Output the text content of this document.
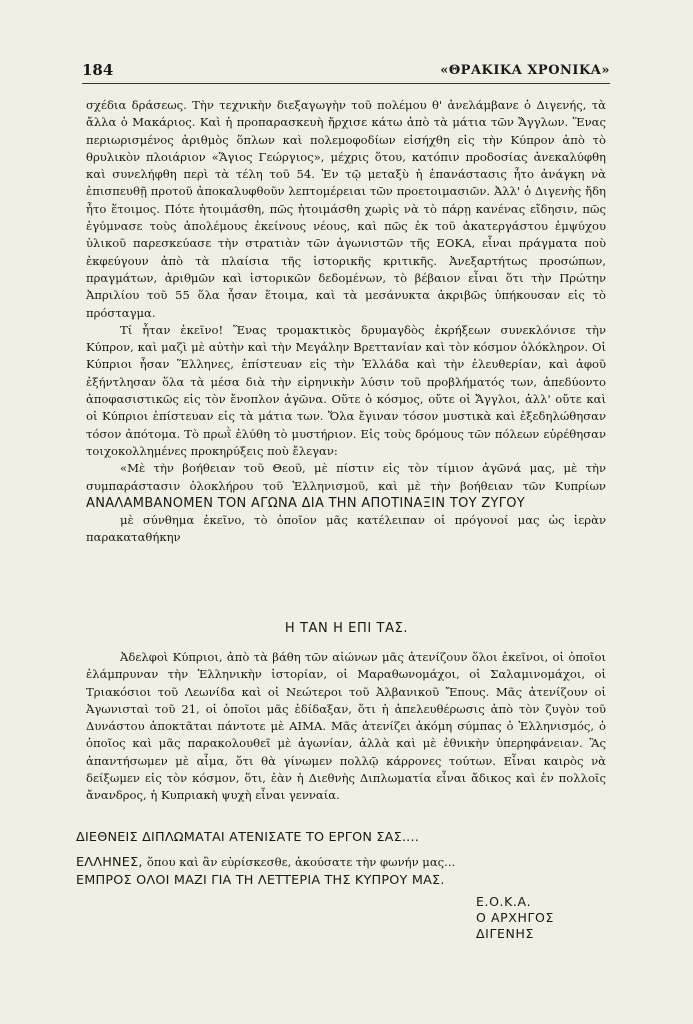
184	«ΘΡΑΚΙΚΑ ΧΡΟΝΙΚΑ»

σχέδια δράσεως. Τὴν τεχνικὴν διεξαγωγὴν τοῦ πολέμου θ' ἀνελάμβανε ὁ Διγενής, τὰ ἄλλα ὁ Μακάριος. Καὶ ἡ προπαρασκευὴ ἤρχισε κάτω ἀπὸ τὰ μάτια τῶν Ἄγγλων. Ἕνας περιωρισμένος ἀριθμὸς ὅπλων καὶ πολεμοφοδίων εἰσήχθη εἰς τὴν Κύπρον ἀπὸ τὸ θρυλικὸν πλοιάριον «Ἅγιος Γεώργιος», μέχρις ὅτου, κατόπιν προδοσίας ἀνεκαλύφθη καὶ συνελήφθη περὶ τὰ τέλη τοῦ 54. Ἐν τῷ μεταξὺ ἡ ἐπανάστασις ἦτο ἀνάγκη νὰ ἐπισπευθῇ προτοῦ ἀποκαλυφθοῦν λεπτομέρειαι τῶν προετοιμασιῶν. Ἀλλ' ὁ Διγενὴς ἤδη ἦτο ἕτοιμος. Πότε ἡτοιμάσθη, πῶς ἡτοιμάσθη χωρὶς νὰ τὸ πάρῃ κανένας εἴδησιν, πῶς ἐγύμνασε τοὺς ἀπολέμους ἐκείνους νέους, καὶ πῶς ἐκ τοῦ ἀκατεργάστου ἐμψύχου ὑλικοῦ παρεσκεύασε τὴν στρατιὰν τῶν ἀγωνιστῶν τῆς ΕΟΚΑ, εἶναι πράγματα ποὺ ἐκφεύγουν ἀπὸ τὰ πλαίσια τῆς ἱστορικῆς κριτικῆς. Ἀνεξαρτήτως προσώπων, πραγμάτων, ἀριθμῶν καὶ ἱστορικῶν δεδομένων, τὸ βέβαιον εἶναι ὅτι τὴν Πρώτην Ἀπριλίου τοῦ 55 ὅλα ἦσαν ἕτοιμα, καὶ τὰ μεσάνυκτα ἀκριβῶς ὑπήκουσαν εἰς τὸ πρόσταγμα.

Τί ἦταν ἐκεῖνο! Ἕνας τρομακτικὸς δρυμαγδὸς ἐκρήξεων συνεκλόνισε τὴν Κύπρον, καὶ μαζὶ μὲ αὐτὴν καὶ τὴν Μεγάλην Βρεττανίαν καὶ τὸν κόσμον ὁλόκληρον. Οἱ Κύπριοι ἦσαν Ἕλληνες, ἐπίστευαν εἰς τὴν Ἑλλάδα καὶ τὴν ἐλευθερίαν, καὶ ἀφοῦ ἐξήντλησαν ὅλα τὰ μέσα διὰ τὴν εἰρηνικὴν λύσιν τοῦ προβλήματός των, ἀπεδύοντο ἀποφασιστικῶς εἰς τὸν ἔνοπλον ἀγῶνα. Οὔτε ὁ κόσμος, οὔτε οἱ Ἄγγλοι, ἀλλ' οὔτε καὶ οἱ Κύπριοι ἐπίστευαν εἰς τὰ μάτια των. Ὅλα ἔγιναν τόσον μυστικὰ καὶ ἐξεδηλώθησαν τόσον ἀπότομα. Τὸ πρωῒ ἐλύθη τὸ μυστήριον. Εἰς τοὺς δρόμους τῶν πόλεων εὑρέθησαν τοιχοκολλημένες προκηρύξεις ποὺ ἔλεγαν:

«Μὲ τὴν βοήθειαν τοῦ Θεοῦ, μὲ πίστιν εἰς τὸν τίμιον ἀγῶνά μας, μὲ τὴν συμπαράστασιν ὁλοκλήρου τοῦ Ἑλληνισμοῦ, καὶ μὲ τὴν βοήθειαν τῶν Κυπρίων ΑΝΑΛΑΜΒΑΝΟΜΕΝ ΤΟΝ ΑΓΩΝΑ ΔΙΑ ΤΗΝ ΑΠΟΤΙΝΑΞΙΝ ΤΟΥ ΖΥΓΟΥ

μὲ σύνθημα ἐκεῖνο, τὸ ὁποῖον μᾶς κατέλειπαν οἱ πρόγονοί μας ὡς ἱερὰν παρακαταθήκην

Η ΤΑΝ Η ΕΠΙ ΤΑΣ.

Ἀδελφοὶ Κύπριοι, ἀπὸ τὰ βάθη τῶν αἰώνων μᾶς ἀτενίζουν ὅλοι ἐκεῖνοι, οἱ ὁποῖοι ἐλάμπρυναν τὴν Ἑλληνικὴν ἱστορίαν, οἱ Μαραθωνομάχοι, οἱ Σαλαμινομάχοι, οἱ Τριακόσιοι τοῦ Λεωνίδα καὶ οἱ Νεώτεροι τοῦ Ἀλβανικοῦ Ἔπους. Μᾶς ἀτενίζουν οἱ Ἀγωνισταὶ τοῦ 21, οἱ ὁποῖοι μᾶς ἐδίδαξαν, ὅτι ἡ ἀπελευθέρωσις ἀπὸ τὸν ζυγὸν τοῦ Δυνάστου ἀποκτᾶται πάντοτε μὲ ΑΙΜΑ. Μᾶς ἀτενίζει ἀκόμη σύμπας ὁ Ἑλληνισμός, ὁ ὁποῖος καὶ μᾶς παρακολουθεῖ μὲ ἀγωνίαν, ἀλλὰ καὶ μὲ ἐθνικὴν ὑπερηφάνειαν. Ἂς ἀπαντήσωμεν μὲ αἷμα, ὅτι θὰ γίνωμεν πολλῷ κάρρονες τούτων. Εἶναι καιρὸς νὰ δείξωμεν εἰς τὸν κόσμον, ὅτι, ἐὰν ἡ Διεθνὴς Διπλωματία εἶναι ἄδικος καὶ ἐν πολλοῖς ἄνανδρος, ἡ Κυπριακὴ ψυχὴ εἶναι γενναία.

ΔΙΕΘΝΕΙΣ ΔΙΠΛΩΜΑΤΑΙ ΑΤΕΝΙΣΑΤΕ ΤΟ ΕΡΓΟΝ ΣΑΣ....
ΕΛΛΗΝΕΣ, ὅπου καὶ ἂν εὑρίσκεσθε, ἀκούσατε τὴν φωνήν μας...
ΕΜΠΡΟΣ ΟΛΟΙ ΜΑΖΙ ΓΙΑ ΤΗ ΛΕΤΤΕΡΙΑ ΤΗΣ ΚΥΠΡΟΥ ΜΑΣ.
Ε.Ο.Κ.Α.
Ο ΑΡΧΗΓΟΣ
ΔΙΓΕΝΗΣ
